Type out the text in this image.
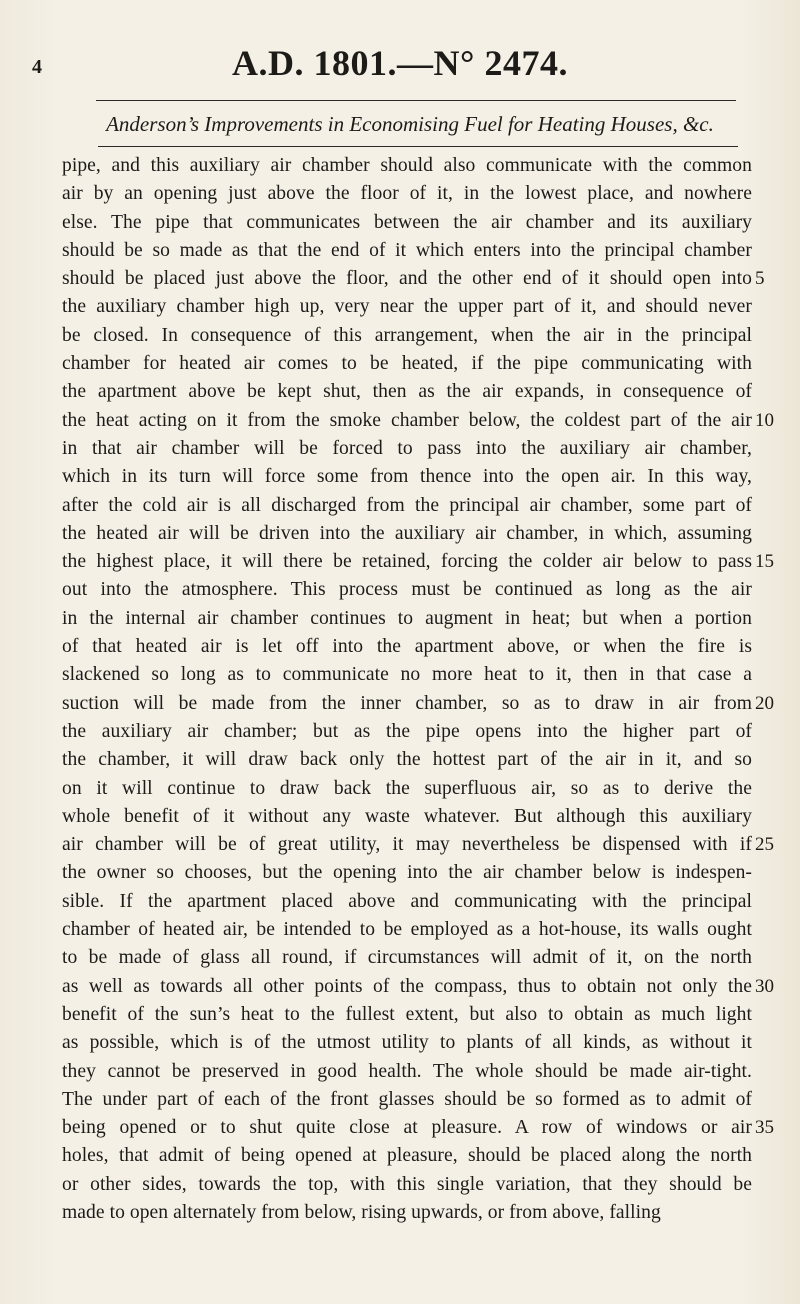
4	A.D. 1801.—N° 2474.
Anderson’s Improvements in Economising Fuel for Heating Houses, &c.
pipe, and this auxiliary air chamber should also communicate with the common
air by an opening just above the floor of it, in the lowest place, and nowhere
else. The pipe that communicates between the air chamber and its auxiliary
should be so made as that the end of it which enters into the principal chamber
should be placed just above the floor, and the other end of it should open into
the auxiliary chamber high up, very near the upper part of it, and should never
be closed. In consequence of this arrangement, when the air in the principal
chamber for heated air comes to be heated, if the pipe communicating with
the apartment above be kept shut, then as the air expands, in consequence of
the heat acting on it from the smoke chamber below, the coldest part of the air
in that air chamber will be forced to pass into the auxiliary air chamber,
which in its turn will force some from thence into the open air. In this way,
after the cold air is all discharged from the principal air chamber, some part of
the heated air will be driven into the auxiliary air chamber, in which, assuming
the highest place, it will there be retained, forcing the colder air below to pass
out into the atmosphere. This process must be continued as long as the air
in the internal air chamber continues to augment in heat; but when a portion
of that heated air is let off into the apartment above, or when the fire is
slackened so long as to communicate no more heat to it, then in that case a
suction will be made from the inner chamber, so as to draw in air from
the auxiliary air chamber; but as the pipe opens into the higher part of
the chamber, it will draw back only the hottest part of the air in it, and so
on it will continue to draw back the superfluous air, so as to derive the
whole benefit of it without any waste whatever. But although this auxiliary
air chamber will be of great utility, it may nevertheless be dispensed with if
the owner so chooses, but the opening into the air chamber below is indespen-
sible. If the apartment placed above and communicating with the principal
chamber of heated air, be intended to be employed as a hot-house, its walls ought
to be made of glass all round, if circumstances will admit of it, on the north
as well as towards all other points of the compass, thus to obtain not only the
benefit of the sun’s heat to the fullest extent, but also to obtain as much light
as possible, which is of the utmost utility to plants of all kinds, as without it
they cannot be preserved in good health. The whole should be made air-tight.
The under part of each of the front glasses should be so formed as to admit of
being opened or to shut quite close at pleasure. A row of windows or air
holes, that admit of being opened at pleasure, should be placed along the north
or other sides, towards the top, with this single variation, that they should be
made to open alternately from below, rising upwards, or from above, falling
5
10
15
20
25
30
35
